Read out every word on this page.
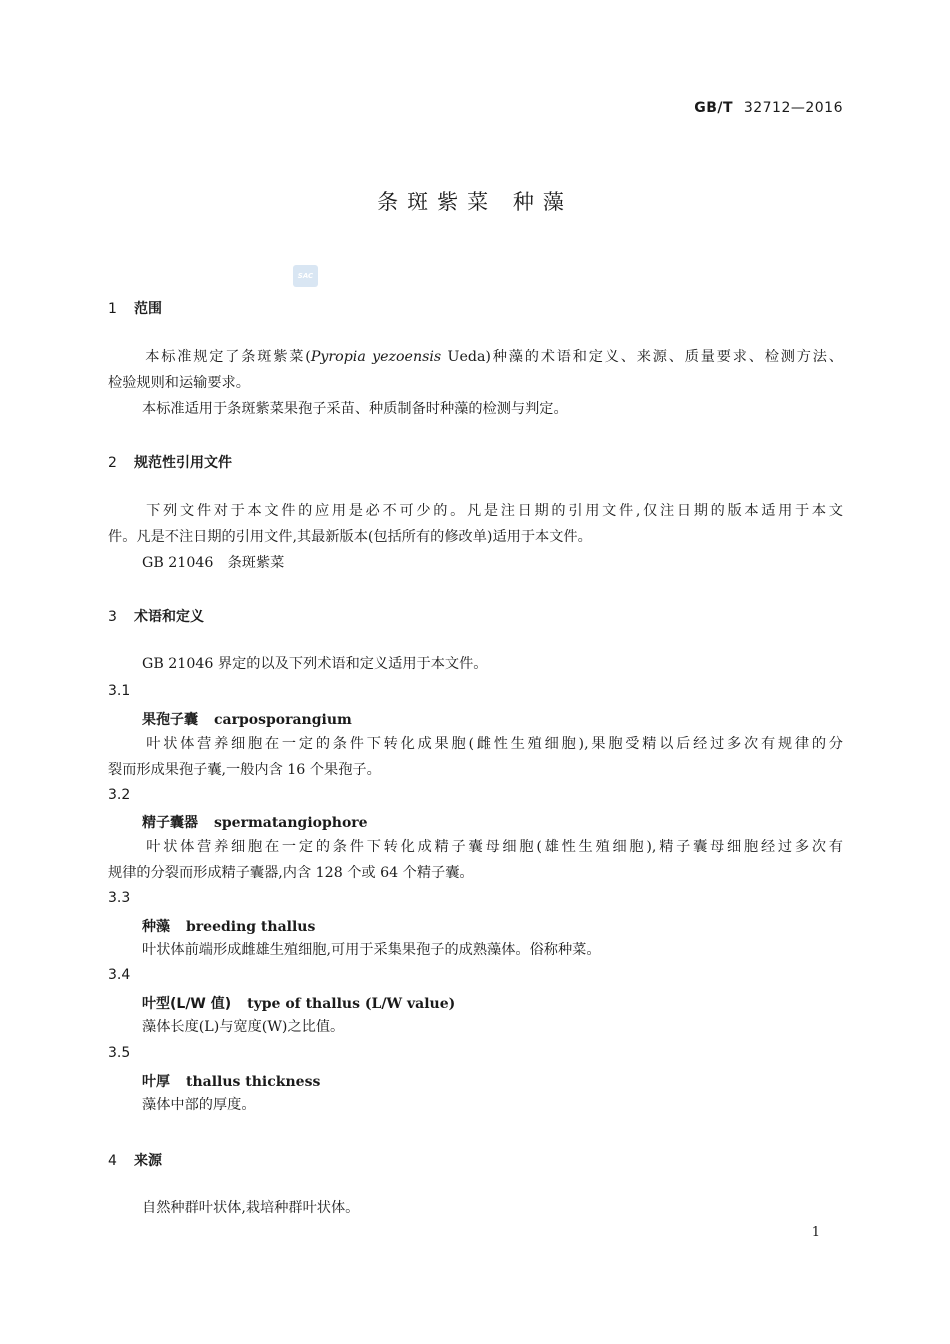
GB/T 32712—2016
条斑紫菜 种藻
SAC
1 范围
   本标准规定了条斑紫菜(Pyropia yezoensis Ueda)种藻的术语和定义、来源、质量要求、检测方法、
检验规则和运输要求。
本标准适用于条斑紫菜果孢子采苗、种质制备时种藻的检测与判定。
2 规范性引用文件
   下列文件对于本文件的应用是必不可少的。凡是注日期的引用文件,仅注日期的版本适用于本文
件。凡是不注日期的引用文件,其最新版本(包括所有的修改单)适用于本文件。
GB 21046　条斑紫菜
3 术语和定义
GB 21046 界定的以及下列术语和定义适用于本文件。
3.1
果孢子囊 carposporangium
   叶状体营养细胞在一定的条件下转化成果胞(雌性生殖细胞),果胞受精以后经过多次有规律的分
裂而形成果孢子囊,一般内含 16 个果孢子。
3.2
精子囊器 spermatangiophore
   叶状体营养细胞在一定的条件下转化成精子囊母细胞(雄性生殖细胞),精子囊母细胞经过多次有
规律的分裂而形成精子囊器,内含 128 个或 64 个精子囊。
3.3
种藻 breeding thallus
叶状体前端形成雌雄生殖细胞,可用于采集果孢子的成熟藻体。俗称种菜。
3.4
叶型(L/W 值) type of thallus (L/W value)
藻体长度(L)与宽度(W)之比值。
3.5
叶厚 thallus thickness
藻体中部的厚度。
4 来源
自然种群叶状体,栽培种群叶状体。
1
